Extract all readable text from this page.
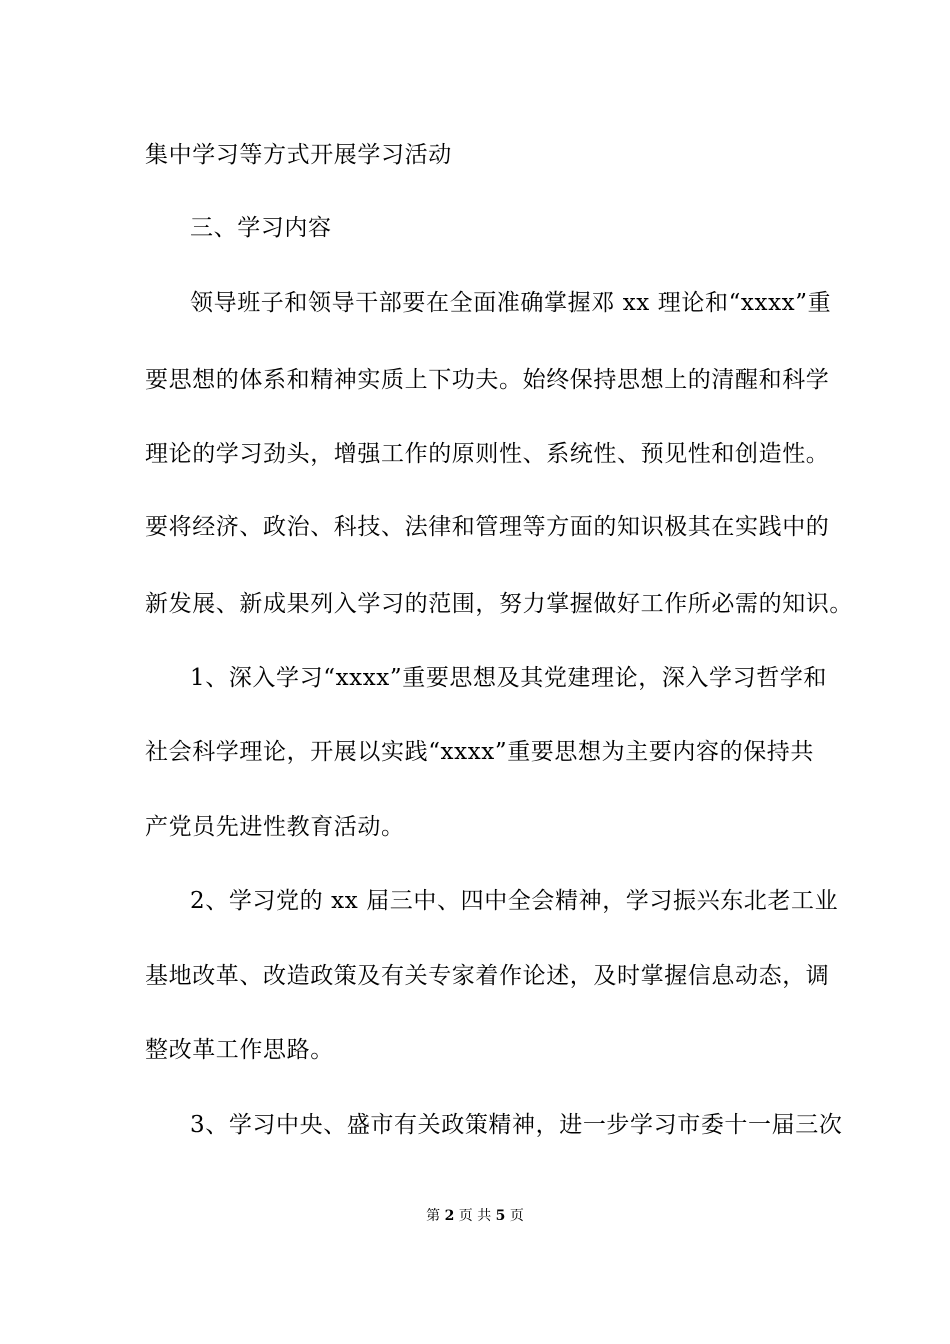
集中学习等方式开展学习活动
三、学习内容
领导班子和领导干部要在全面准确掌握邓 xx 理论和“xxxx”重
要思想的体系和精神实质上下功夫。始终保持思想上的清醒和科学
理论的学习劲头，增强工作的原则性、系统性、预见性和创造性。
要将经济、政治、科技、法律和管理等方面的知识极其在实践中的
新发展、新成果列入学习的范围，努力掌握做好工作所必需的知识。
1、深入学习“xxxx”重要思想及其党建理论，深入学习哲学和
社会科学理论，开展以实践“xxxx”重要思想为主要内容的保持共
产党员先进性教育活动。
2、学习党的 xx 届三中、四中全会精神，学习振兴东北老工业
基地改革、改造政策及有关专家着作论述，及时掌握信息动态，调
整改革工作思路。
3、学习中央、盛市有关政策精神，进一步学习市委十一届三次
第 2 页 共 5 页
